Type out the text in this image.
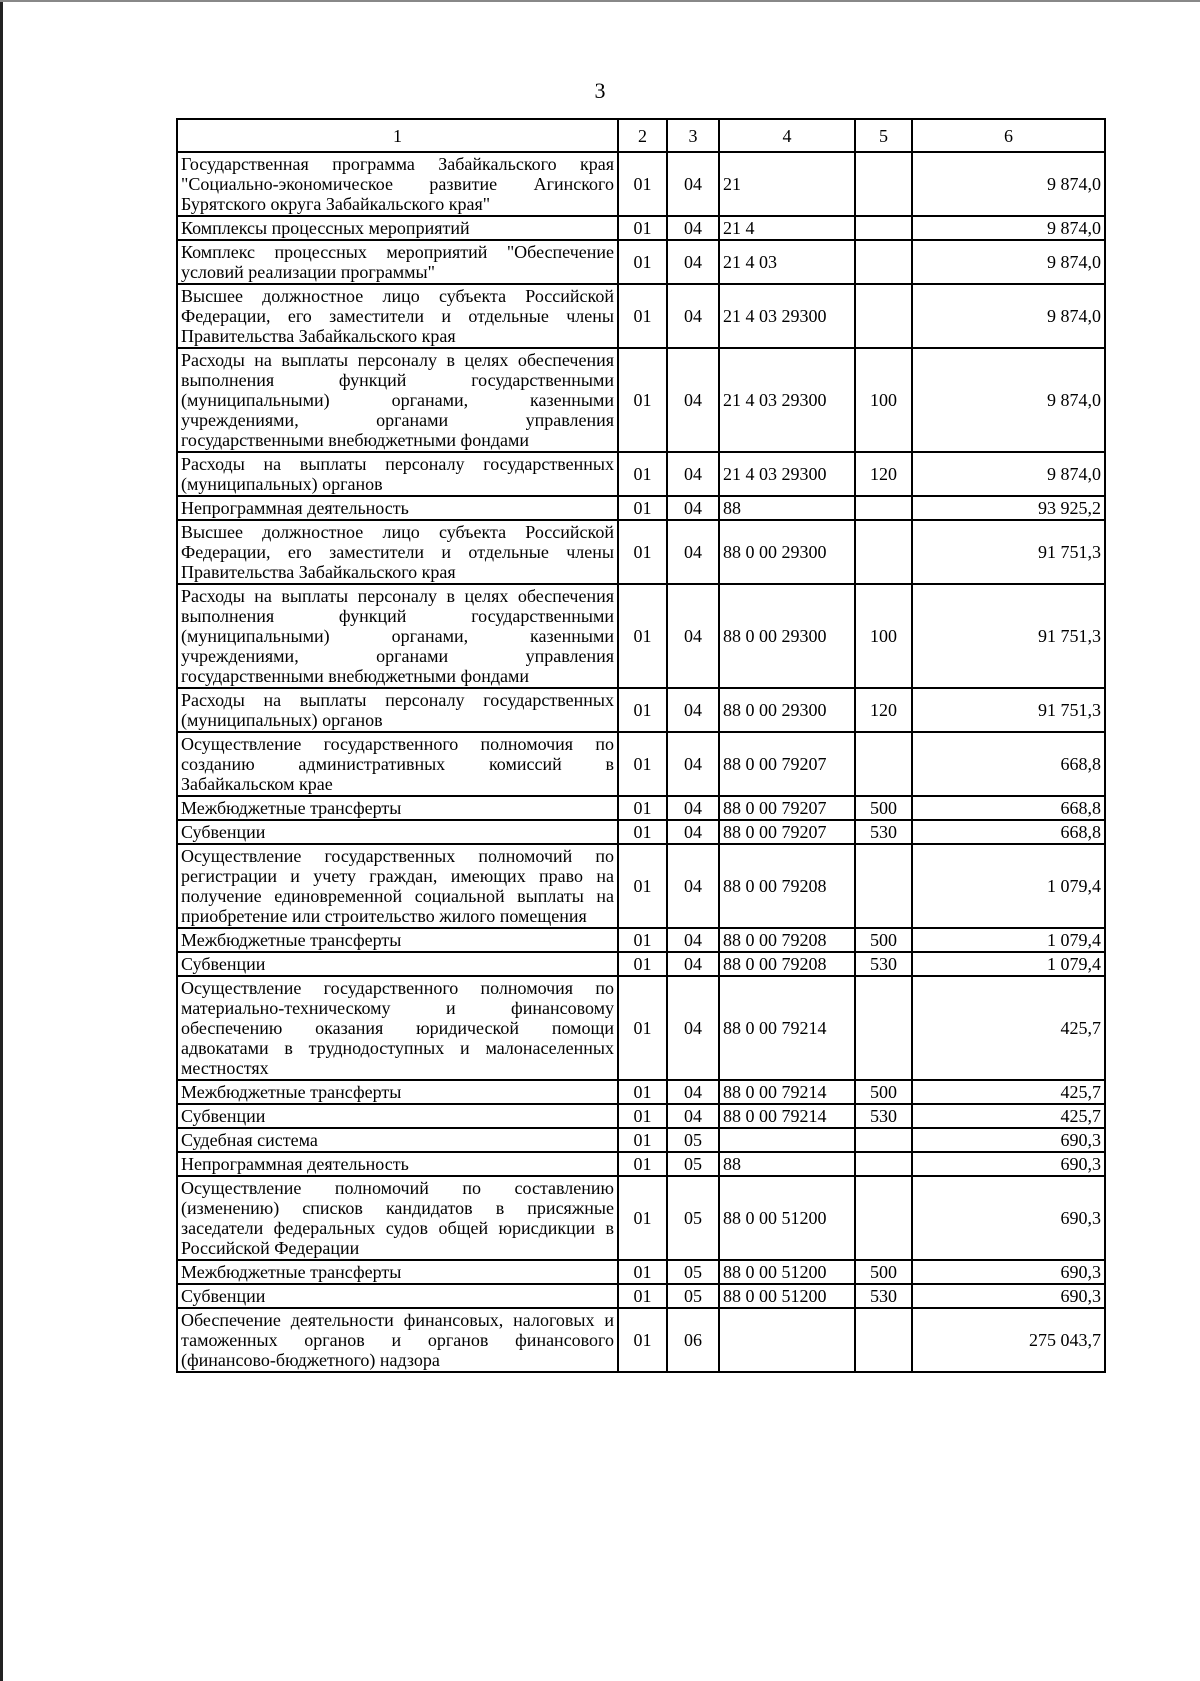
3
1	2	3	4	5	6
Государственная программа Забайкальского края "Социально-экономическое развитие Агинского Бурятского округа Забайкальского края"	01	04	21		9 874,0
Комплексы процессных мероприятий	01	04	21 4		9 874,0
Комплекс процессных мероприятий "Обеспечение условий реализации программы"	01	04	21 4 03		9 874,0
Высшее должностное лицо субъекта Российской Федерации, его заместители и отдельные члены Правительства Забайкальского края	01	04	21 4 03 29300		9 874,0
Расходы на выплаты персоналу в целях обеспечения выполнения функций государственными (муниципальными) органами, казенными учреждениями, органами управления государственными внебюджетными фондами	01	04	21 4 03 29300	100	9 874,0
Расходы на выплаты персоналу государственных (муниципальных) органов	01	04	21 4 03 29300	120	9 874,0
Непрограммная деятельность	01	04	88		93 925,2
Высшее должностное лицо субъекта Российской Федерации, его заместители и отдельные члены Правительства Забайкальского края	01	04	88 0 00 29300		91 751,3
Расходы на выплаты персоналу в целях обеспечения выполнения функций государственными (муниципальными) органами, казенными учреждениями, органами управления государственными внебюджетными фондами	01	04	88 0 00 29300	100	91 751,3
Расходы на выплаты персоналу государственных (муниципальных) органов	01	04	88 0 00 29300	120	91 751,3
Осуществление государственного полномочия по созданию административных комиссий в Забайкальском крае	01	04	88 0 00 79207		668,8
Межбюджетные трансферты	01	04	88 0 00 79207	500	668,8
Субвенции	01	04	88 0 00 79207	530	668,8
Осуществление государственных полномочий по регистрации и учету граждан, имеющих право на получение единовременной социальной выплаты на приобретение или строительство жилого помещения	01	04	88 0 00 79208		1 079,4
Межбюджетные трансферты	01	04	88 0 00 79208	500	1 079,4
Субвенции	01	04	88 0 00 79208	530	1 079,4
Осуществление государственного полномочия по материально-техническому и финансовому обеспечению оказания юридической помощи адвокатами в труднодоступных и малонаселенных местностях	01	04	88 0 00 79214		425,7
Межбюджетные трансферты	01	04	88 0 00 79214	500	425,7
Субвенции	01	04	88 0 00 79214	530	425,7
Судебная система	01	05			690,3
Непрограммная деятельность	01	05	88		690,3
Осуществление полномочий по составлению (изменению) списков кандидатов в присяжные заседатели федеральных судов общей юрисдикции в Российской Федерации	01	05	88 0 00 51200		690,3
Межбюджетные трансферты	01	05	88 0 00 51200	500	690,3
Субвенции	01	05	88 0 00 51200	530	690,3
Обеспечение деятельности финансовых, налоговых и таможенных органов и органов финансового (финансово-бюджетного) надзора	01	06			275 043,7
